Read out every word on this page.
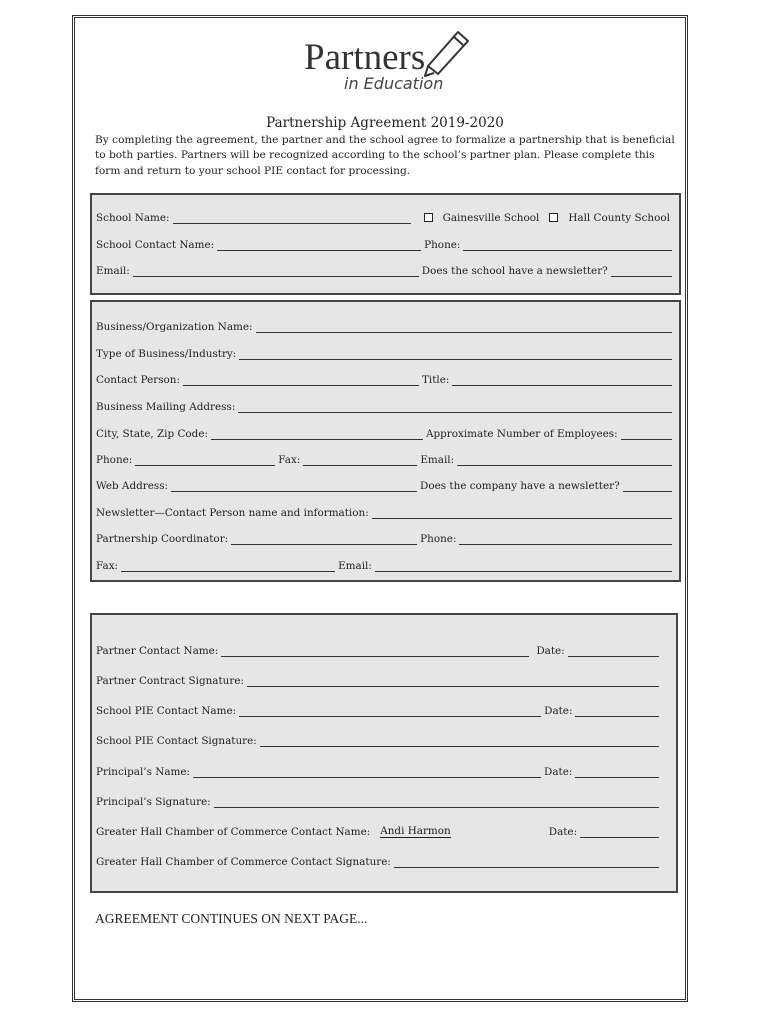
Partners
in Education
Partnership Agreement 2019-2020
By completing the agreement, the partner and the school agree to formalize a partnership that is beneficial to both parties. Partners will be recognized according to the school’s partner plan. Please complete this form and return to your school PIE contact for processing.
School Name:	Gainesville School	Hall County School
School Contact Name:	Phone:
Email:	Does the school have a newsletter?
Business/Organization Name:
Type of Business/Industry:
Contact Person:	Title:
Business Mailing Address:
City, State, Zip Code:	Approximate Number of Employees:
Phone:	Fax:	Email:
Web Address:	Does the company have a newsletter?
Newsletter—Contact Person name and information:
Partnership Coordinator:	Phone:
Fax:	Email:
Partner Contact Name:	Date:
Partner Contract Signature:
School PIE Contact Name:	Date:
School PIE Contact Signature:
Principal’s Name:	Date:
Principal’s Signature:
Greater Hall Chamber of Commerce Contact Name: Andi Harmon	Date:
Greater Hall Chamber of Commerce Contact Signature:
AGREEMENT CONTINUES ON NEXT PAGE...
